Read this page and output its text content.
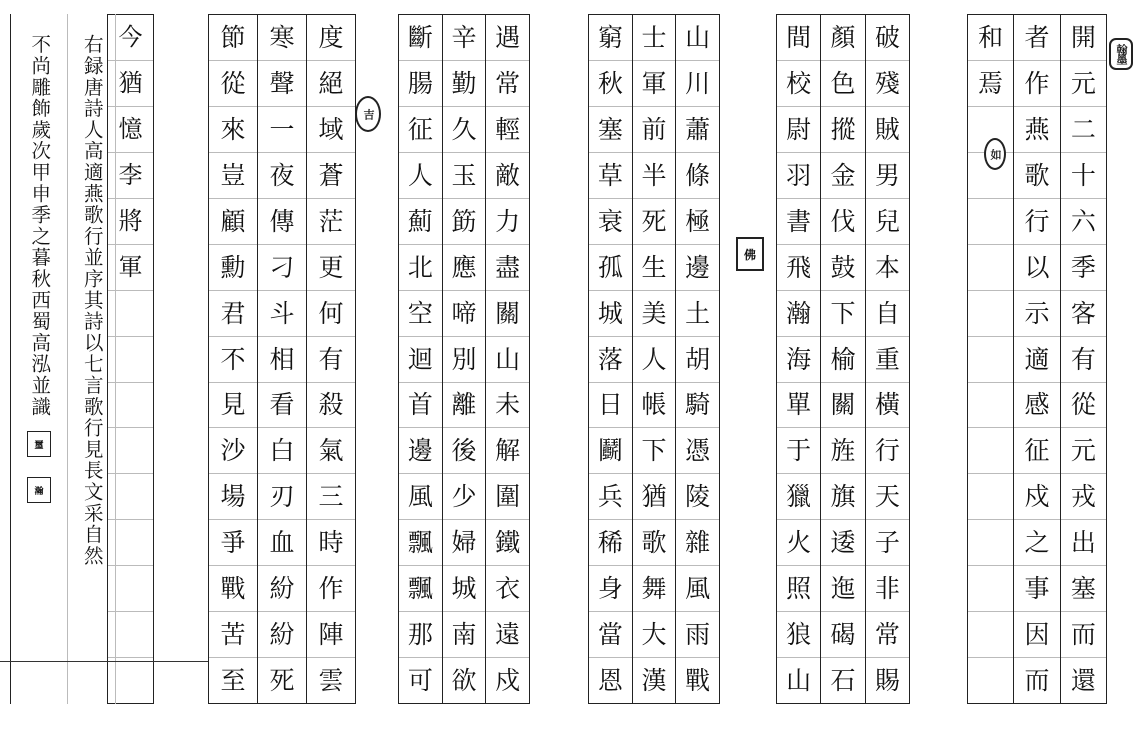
今
猶
憶
李
將
軍
不尚雕飾歲次甲申季之暮秋西蜀高泓並識
璽
瀚 右録唐詩人高適燕歌行並序其詩以七言歌行見長文采自然	度
絕
域
蒼
茫
更
何
有
殺
氣
三
時
作
陣
雲
寒
聲
一
夜
傳
刁
斗
相
看
白
刃
血
紛
紛
死
節
從
來
豈
顧
勳
君
不
見
沙
場
爭
戰
苦
至
吉
遇
常
輕
敵
力
盡
關
山
未
解
圍
鐵
衣
遠
戍
辛
勤
久
玉
筯
應
啼
別
離
後
少
婦
城
南
欲
斷
腸
征
人
薊
北
空
迴
首
邊
風
飄
飄
那
可
山
川
蕭
條
極
邊
土
胡
騎
憑
陵
雜
風
雨
戰
士
軍
前
半
死
生
美
人
帳
下
猶
歌
舞
大
漢
窮
秋
塞
草
衰
孤
城
落
日
鬬
兵
稀
身
當
恩
佛
破
殘
賊
男
兒
本
自
重
橫
行
天
子
非
常
賜
顏
色
摐
金
伐
鼓
下
榆
關
旌
旗
逶
迤
碣
石
間
校
尉
羽
書
飛
瀚
海
單
于
獵
火
照
狼
山
開
元
二
十
六
季
客
有
從
元
戎
出
塞
而
還
者
作
燕
歌
行
以
示
適
感
征
戍
之
事
因
而
和
焉
翰墨
如
